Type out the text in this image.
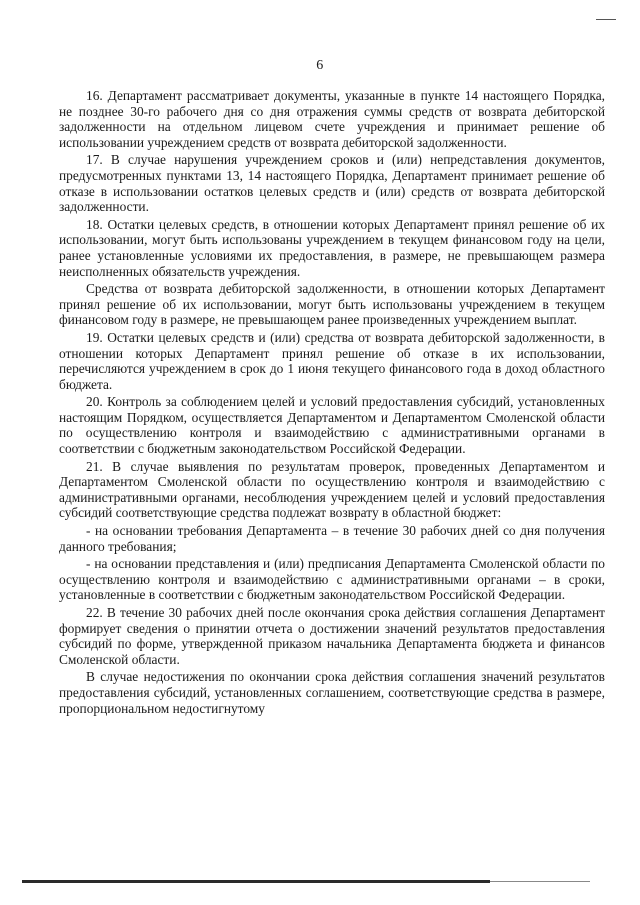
6

16. Департамент рассматривает документы, указанные в пункте 14 настоящего Порядка, не позднее 30-го рабочего дня со дня отражения суммы средств от возврата дебиторской задолженности на отдельном лицевом счете учреждения и принимает решение об использовании учреждением средств от возврата дебиторской задолженности.

17. В случае нарушения учреждением сроков и (или) непредставления документов, предусмотренных пунктами 13, 14 настоящего Порядка, Департамент принимает решение об отказе в использовании остатков целевых средств и (или) средств от возврата дебиторской задолженности.

18. Остатки целевых средств, в отношении которых Департамент принял решение об их использовании, могут быть использованы учреждением в текущем финансовом году на цели, ранее установленные условиями их предоставления, в размере, не превышающем размера неисполненных обязательств учреждения.

Средства от возврата дебиторской задолженности, в отношении которых Департамент принял решение об их использовании, могут быть использованы учреждением в текущем финансовом году в размере, не превышающем ранее произведенных учреждением выплат.

19. Остатки целевых средств и (или) средства от возврата дебиторской задолженности, в отношении которых Департамент принял решение об отказе в их использовании, перечисляются учреждением в срок до 1 июня текущего финансового года в доход областного бюджета.

20. Контроль за соблюдением целей и условий предоставления субсидий, установленных настоящим Порядком, осуществляется Департаментом и Департаментом Смоленской области по осуществлению контроля и взаимодействию с административными органами в соответствии с бюджетным законодательством Российской Федерации.

21. В случае выявления по результатам проверок, проведенных Департаментом и Департаментом Смоленской области по осуществлению контроля и взаимодействию с административными органами, несоблюдения учреждением целей и условий предоставления субсидий соответствующие средства подлежат возврату в областной бюджет:

- на основании требования Департамента – в течение 30 рабочих дней со дня получения данного требования;

- на основании представления и (или) предписания Департамента Смоленской области по осуществлению контроля и взаимодействию с административными органами – в сроки, установленные в соответствии с бюджетным законодательством Российской Федерации.

22. В течение 30 рабочих дней после окончания срока действия соглашения Департамент формирует сведения о принятии отчета о достижении значений результатов предоставления субсидий по форме, утвержденной приказом начальника Департамента бюджета и финансов Смоленской области.

В случае недостижения по окончании срока действия соглашения значений результатов предоставления субсидий, установленных соглашением, соответствующие средства в размере, пропорциональном недостигнутому
